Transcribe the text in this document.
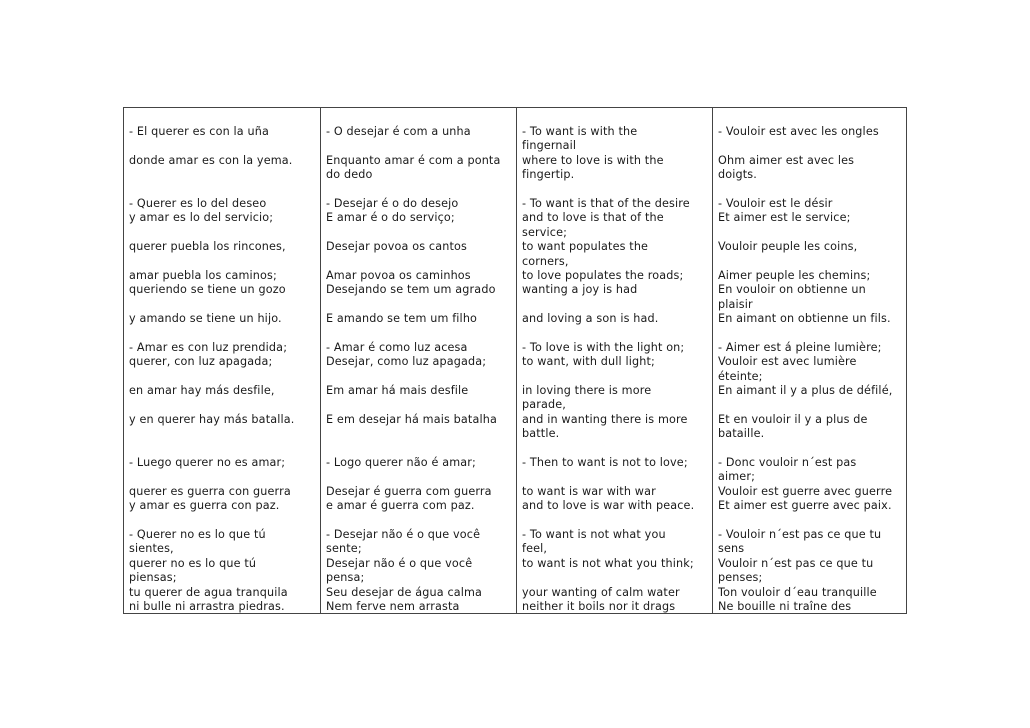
- El querer es con la uña
donde amar es con la yema.
- Querer es lo del deseo
y amar es lo del servicio;
querer puebla los rincones,
amar puebla los caminos;
queriendo se tiene un gozo
y amando se tiene un hijo.
- Amar es con luz prendida;
querer, con luz apagada;
en amar hay más desfile,
y en querer hay más batalla.
- Luego querer no es amar;
querer es guerra con guerra
y amar es guerra con paz.
- Querer no es lo que tú
sientes,
querer no es lo que tú
piensas;
tu querer de agua tranquila
ni bulle ni arrastra piedras.
- O desejar é com a unha
Enquanto amar é com a ponta
do dedo
- Desejar é o do desejo
E amar é o do serviço;
Desejar povoa os cantos
Amar povoa os caminhos
Desejando se tem um agrado
E amando se tem um filho
- Amar é como luz acesa
Desejar, como luz apagada;
Em amar há mais desfile
E em desejar há mais batalha
- Logo querer não é amar;
Desejar é guerra com guerra
e amar é guerra com paz.
- Desejar não é o que você
sente;
Desejar não é o que você
pensa;
Seu desejar de água calma
Nem ferve nem arrasta
- To want is with the
fingernail
where to love is with the
fingertip.
- To want is that of the desire
and to love is that of the
service;
to want populates the
corners,
to love populates the roads;
wanting a joy is had
and loving a son is had.
- To love is with the light on;
to want, with dull light;
in loving there is more
parade,
and in wanting there is more
battle.
- Then to want is not to love;
to want is war with war
and to love is war with peace.
- To want is not what you
feel,
to want is not what you think;
your wanting of calm water
neither it boils nor it drags
- Vouloir est avec les ongles
Ohm aimer est avec les
doigts.
- Vouloir est le désir
Et aimer est le service;
Vouloir peuple les coins,
Aimer peuple les chemins;
En vouloir on obtienne un
plaisir
En aimant on obtienne un fils.
- Aimer est á pleine lumière;
Vouloir est avec lumière
éteinte;
En aimant il y a plus de défilé,
Et en vouloir il y a plus de
bataille.
- Donc vouloir n´est pas
aimer;
Vouloir est guerre avec guerre
Et aimer est guerre avec paix.
- Vouloir n´est pas ce que tu
sens
Vouloir n´est pas ce que tu
penses;
Ton vouloir d´eau tranquille
Ne bouille ni traîne des
